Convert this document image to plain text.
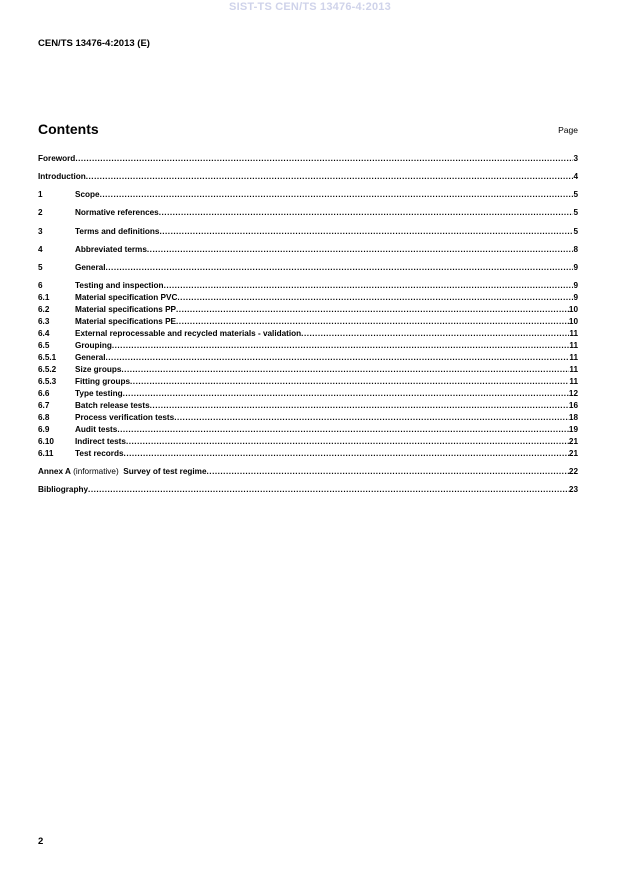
SIST-TS CEN/TS 13476-4:2013
CEN/TS 13476-4:2013 (E)
Contents	Page
Foreword .....	3
Introduction .....	4
1	Scope .....	5
2	Normative references .....	5
3	Terms and definitions .....	5
4	Abbreviated terms .....	8
5	General .....	9
6	Testing and inspection .....	9
6.1	Material specification PVC .....	9
6.2	Material specifications PP .....	10
6.3	Material specifications PE .....	10
6.4	External reprocessable and recycled materials - validation .....	11
6.5	Grouping .....	11
6.5.1	General .....	11
6.5.2	Size groups .....	11
6.5.3	Fitting groups .....	11
6.6	Type testing .....	12
6.7	Batch release tests .....	16
6.8	Process verification tests .....	18
6.9	Audit tests .....	19
6.10	Indirect tests .....	21
6.11	Test records .....	21
Annex A (informative) Survey of test regime .....	22
Bibliography .....	23
2
